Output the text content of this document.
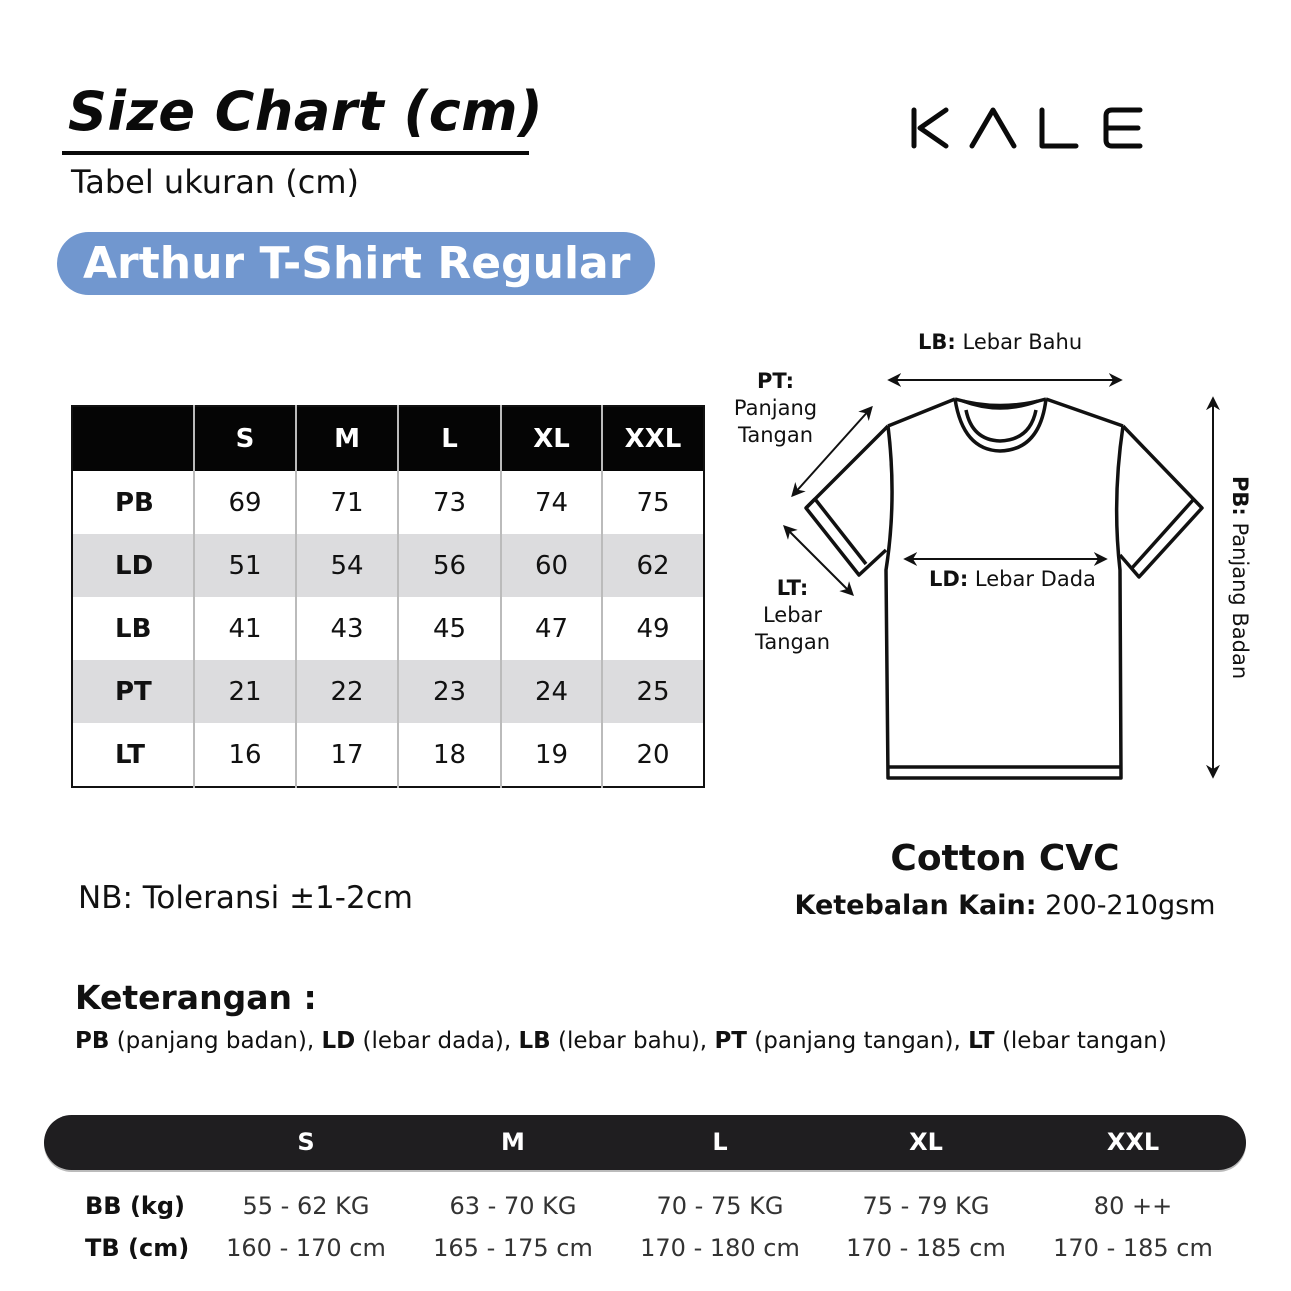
Size Chart (cm)
Tabel ukuran (cm)
Arthur T-Shirt Regular
	S	M	L	XL	XXL
PB	69	71	73	74	75
LD	51	54	56	60	62
LB	41	43	45	47	49
PT	21	22	23	24	25
LT	16	17	18	19	20
LB: Lebar Bahu
PT:
Panjang
Tangan
LT:
Lebar
Tangan
LD: Lebar Dada
PB: Panjang Badan
NB: Toleransi ±1-2cm
Cotton CVC
Ketebalan Kain: 200-210gsm
Keterangan :
PB (panjang badan), LD (lebar dada), LB (lebar bahu), PT (panjang tangan), LT (lebar tangan)
S	M	L	XL	XXL
BB (kg)	55 - 62 KG	63 - 70 KG	70 - 75 KG	75 - 79 KG	80 ++
TB (cm)	160 - 170 cm	165 - 175 cm	170 - 180 cm	170 - 185 cm	170 - 185 cm
